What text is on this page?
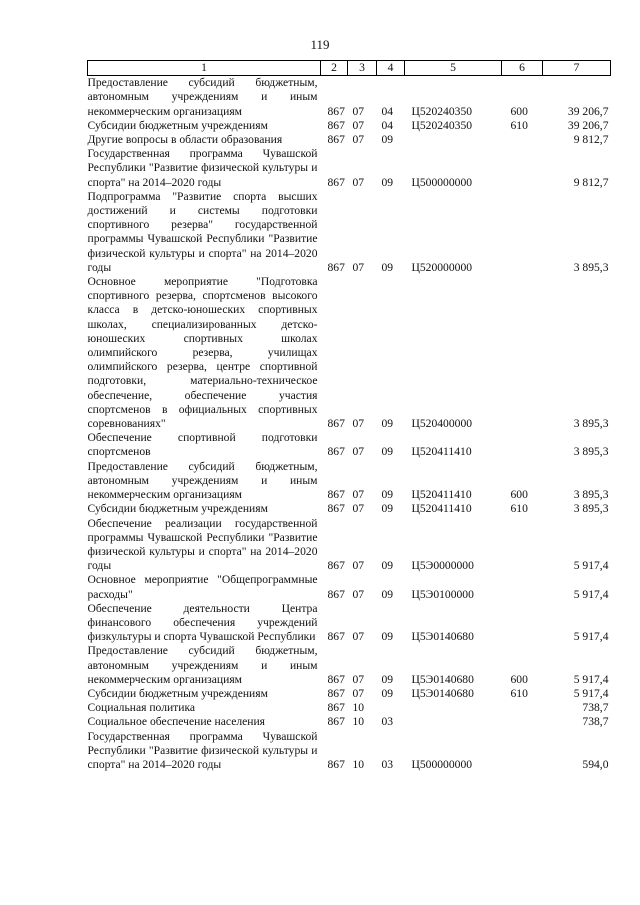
119
1	2	3	4	5	6	7
Предоставление субсидий бюджетным, автономным учреждениям и иным некоммерческим организациям	867	07	04	Ц520240350	600	39 206,7
Субсидии бюджетным учреждениям	867	07	04	Ц520240350	610	39 206,7
Другие вопросы в области образования	867	07	09			9 812,7
Государственная программа Чувашской Республики "Развитие физической культуры и спорта" на 2014–2020 годы	867	07	09	Ц500000000		9 812,7
Подпрограмма "Развитие спорта высших достижений и системы подготовки спортивного резерва" государственной программы Чувашской Республики "Развитие физической культуры и спорта" на 2014–2020 годы	867	07	09	Ц520000000		3 895,3
Основное мероприятие "Подготовка спортивного резерва, спортсменов высокого класса в детско-юношеских спортивных школах, специализированных детско-юношеских спортивных школах олимпийского резерва, училищах олимпийского резерва, центре спортивной подготовки, материально-техническое обеспечение, обеспечение участия спортсменов в официальных спортивных соревнованиях"	867	07	09	Ц520400000		3 895,3
Обеспечение спортивной подготовки спортсменов	867	07	09	Ц520411410		3 895,3
Предоставление субсидий бюджетным, автономным учреждениям и иным некоммерческим организациям	867	07	09	Ц520411410	600	3 895,3
Субсидии бюджетным учреждениям	867	07	09	Ц520411410	610	3 895,3
Обеспечение реализации государственной программы Чувашской Республики "Развитие физической культуры и спорта" на 2014–2020 годы	867	07	09	Ц5Э0000000		5 917,4
Основное мероприятие "Общепрограммные расходы"	867	07	09	Ц5Э0100000		5 917,4
Обеспечение деятельности Центра финансового обеспечения учреждений физкультуры и спорта Чувашской Республики	867	07	09	Ц5Э0140680		5 917,4
Предоставление субсидий бюджетным, автономным учреждениям и иным некоммерческим организациям	867	07	09	Ц5Э0140680	600	5 917,4
Субсидии бюджетным учреждениям	867	07	09	Ц5Э0140680	610	5 917,4
Социальная политика	867	10				738,7
Социальное обеспечение населения	867	10	03			738,7
Государственная программа Чувашской Республики "Развитие физической культуры и спорта" на 2014–2020 годы	867	10	03	Ц500000000		594,0
